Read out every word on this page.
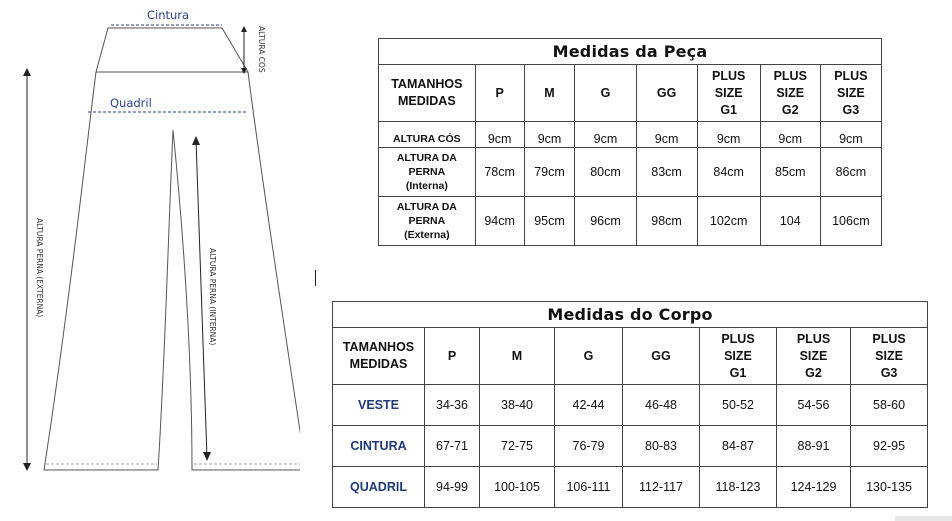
Cintura
Quadril
ALTURA CÓS
ALTURA PERNA (EXTERNA)	ALTURA PERNA (INTERNA)
Medidas da Peça							
TAMANHOS
MEDIDAS	P	M	G	GG	PLUS
SIZE
G1	PLUS
SIZE
G2	PLUS
SIZE
G3
ALTURA CÓS	9cm	9cm	9cm	9cm	9cm	9cm	9cm
ALTURA DA
PERNA
(Interna)	78cm	79cm	80cm	83cm	84cm	85cm	86cm
ALTURA DA
PERNA
(Externa)	94cm	95cm	96cm	98cm	102cm	104	106cm
Medidas do Corpo							
TAMANHOS
MEDIDAS	P	M	G	GG	PLUS
SIZE
G1	PLUS
SIZE
G2	PLUS
SIZE
G3
VESTE	34-36	38-40	42-44	46-48	50-52	54-56	58-60
CINTURA	67-71	72-75	76-79	80-83	84-87	88-91	92-95
QUADRIL	94-99	100-105	106-111	112-117	118-123	124-129	130-135
